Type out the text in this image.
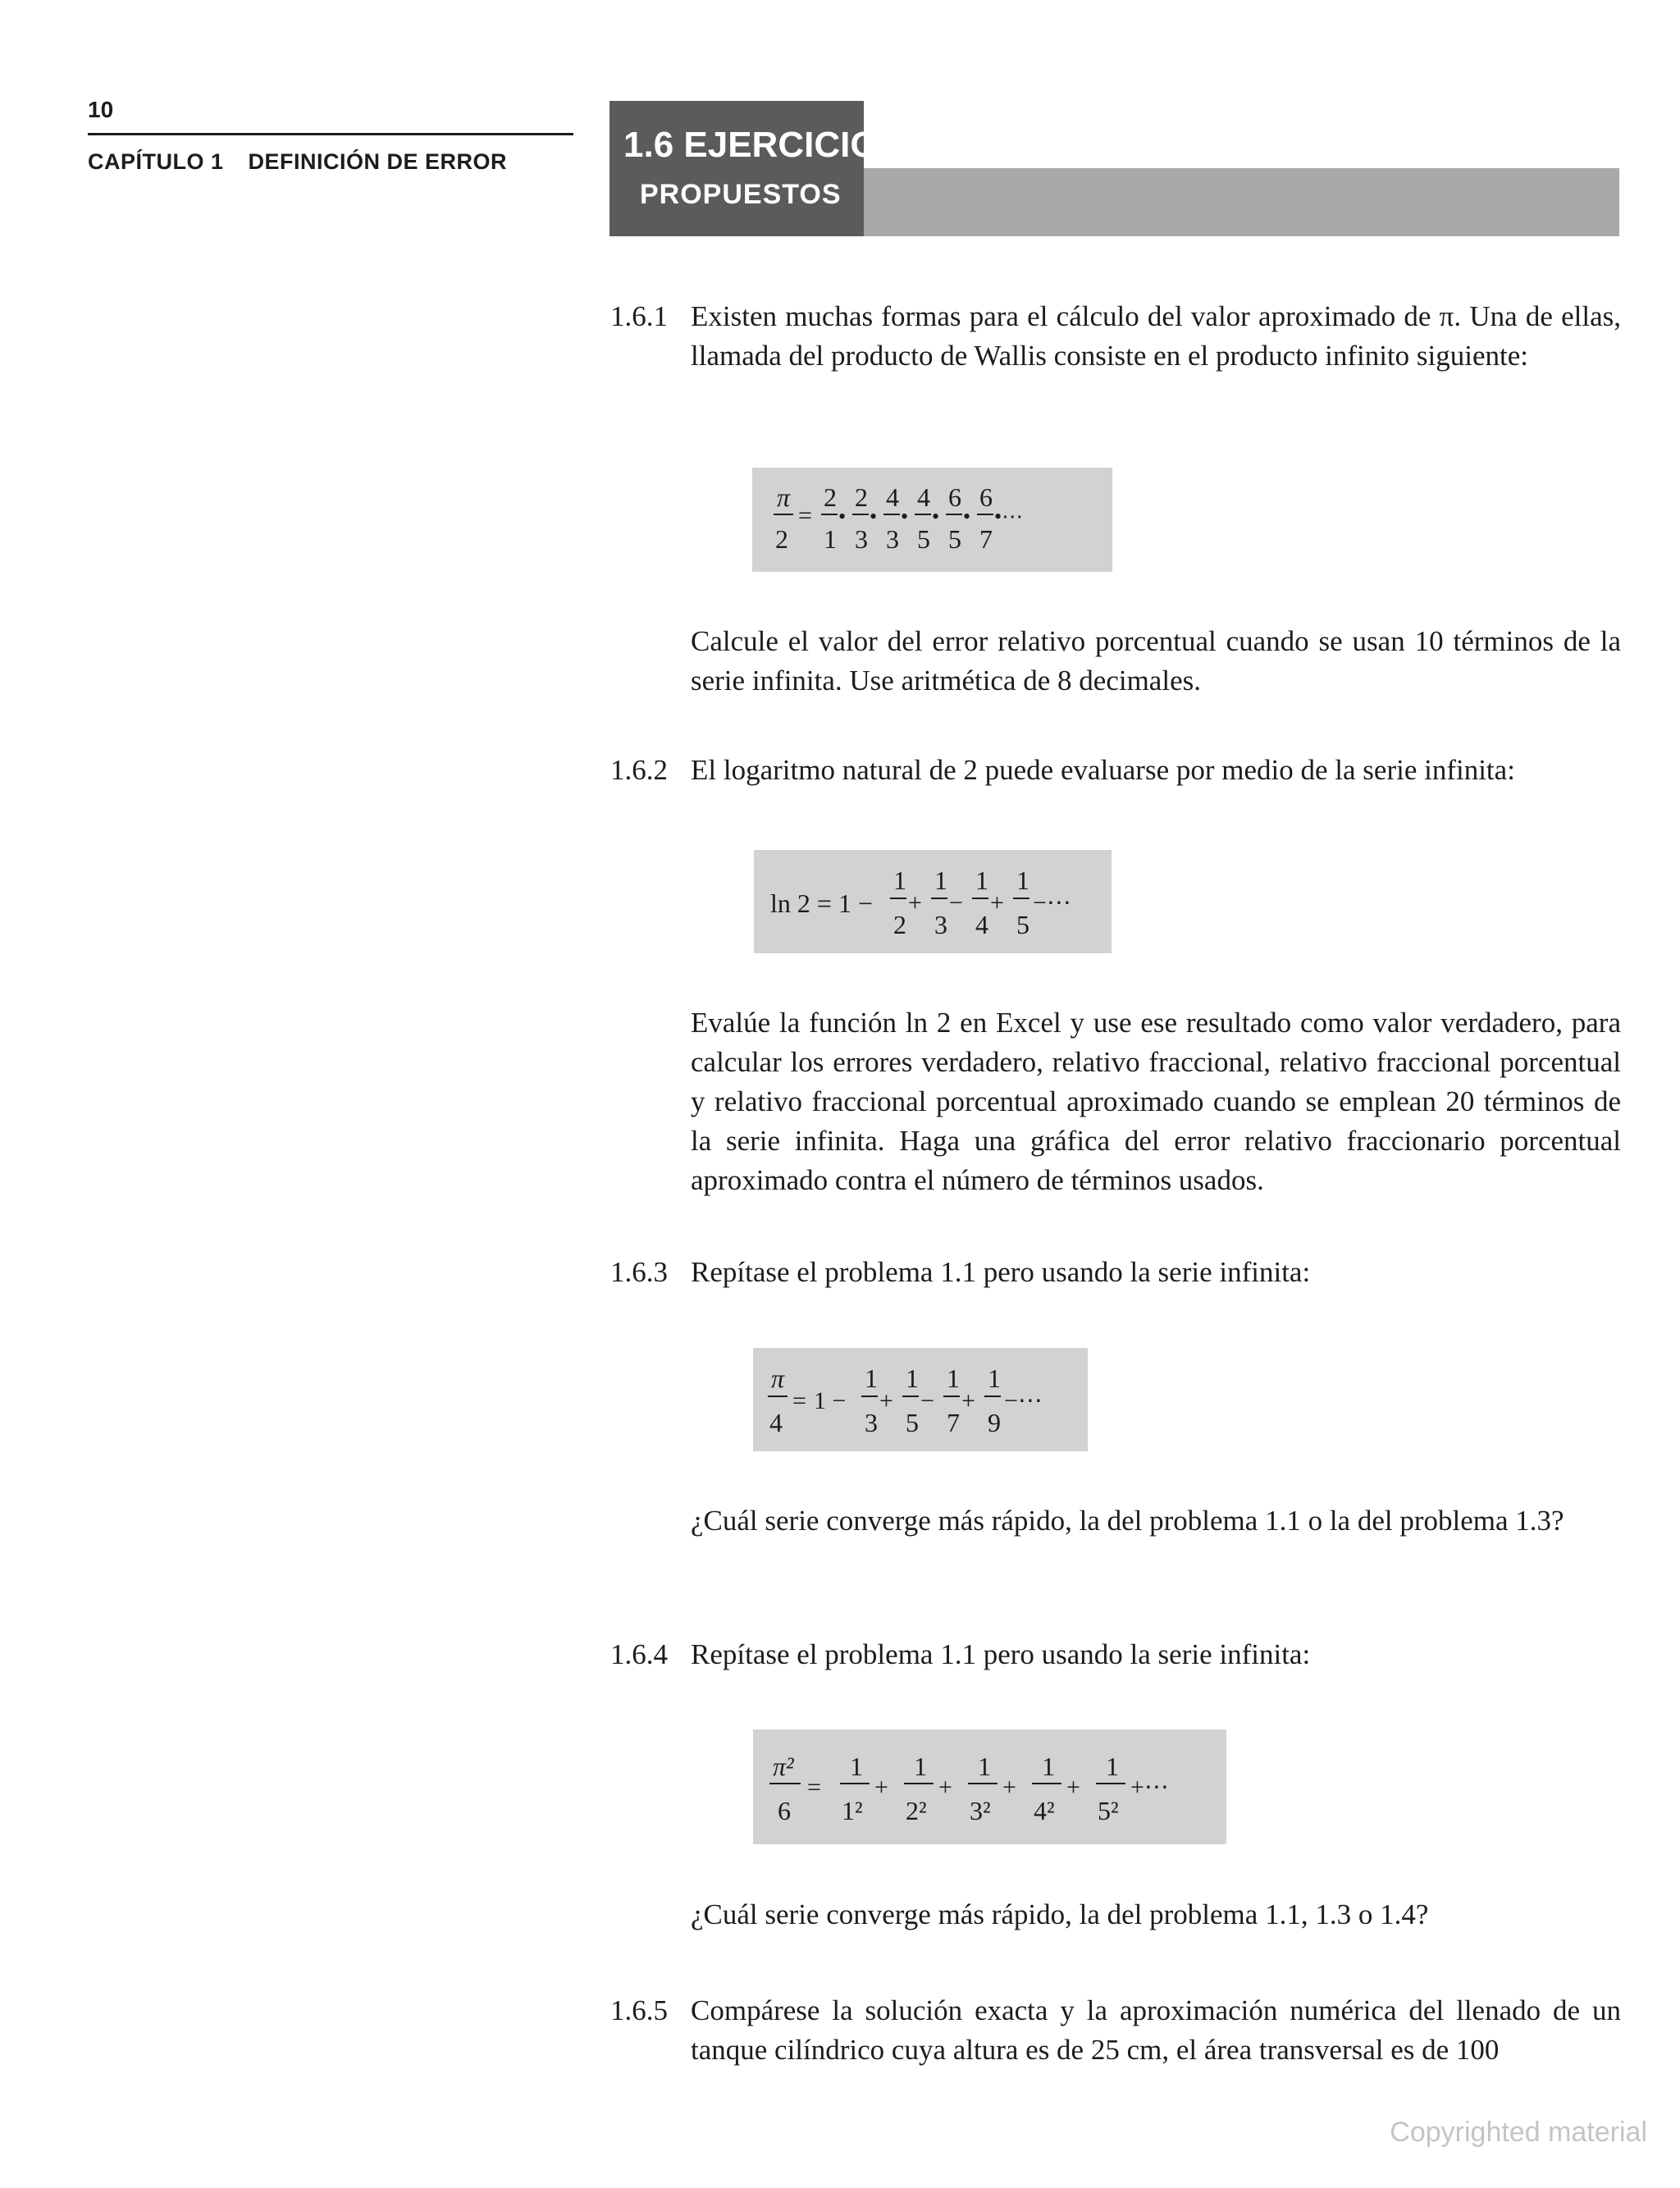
10
CAPÍTULO 1 DEFINICIÓN DE ERROR	1.6 EJERCICIOS
PROPUESTOS
1.6.1 Existen muchas formas para el cálculo del valor aproximado de π. Una de ellas, llamada del producto de Wallis consiste en el producto infinito siguiente:
π
2
=
2
1
•
2
3
•
4
3
•
4
5
•
6
5
•
6
7
•⋯
Calcule el valor del error relativo porcentual cuando se usan 10 términos de la serie infinita. Use aritmética de 8 decimales.
1.6.2 El logaritmo natural de 2 puede evaluarse por medio de la serie infinita:
ln 2 = 1 −
1
2
+
1
3
−
1
4
+
1
5
−⋯
Evalúe la función ln 2 en Excel y use ese resultado como valor verdadero, para calcular los errores verdadero, relativo fraccional, relativo fraccional porcentual y relativo fraccional porcentual aproximado cuando se emplean 20 términos de la serie infinita. Haga una gráfica del error relativo fraccionario porcentual aproximado contra el número de términos usados.
1.6.3 Repítase el problema 1.1 pero usando la serie infinita:
π
4
= 1 −
1
3
+
1
5
−
1
7
+
1
9
−⋯
¿Cuál serie converge más rápido, la del problema 1.1 o la del problema 1.3?
1.6.4 Repítase el problema 1.1 pero usando la serie infinita:
π²
6
=
1
1²
+
1
2²
+
1
3²
+
1
4²
+
1
5²
+⋯
¿Cuál serie converge más rápido, la del problema 1.1, 1.3 o 1.4?
1.6.5 Compárese la solución exacta y la aproximación numérica del llenado de un tanque cilíndrico cuya altura es de 25 cm, el área transversal es de 100
Copyrighted material
